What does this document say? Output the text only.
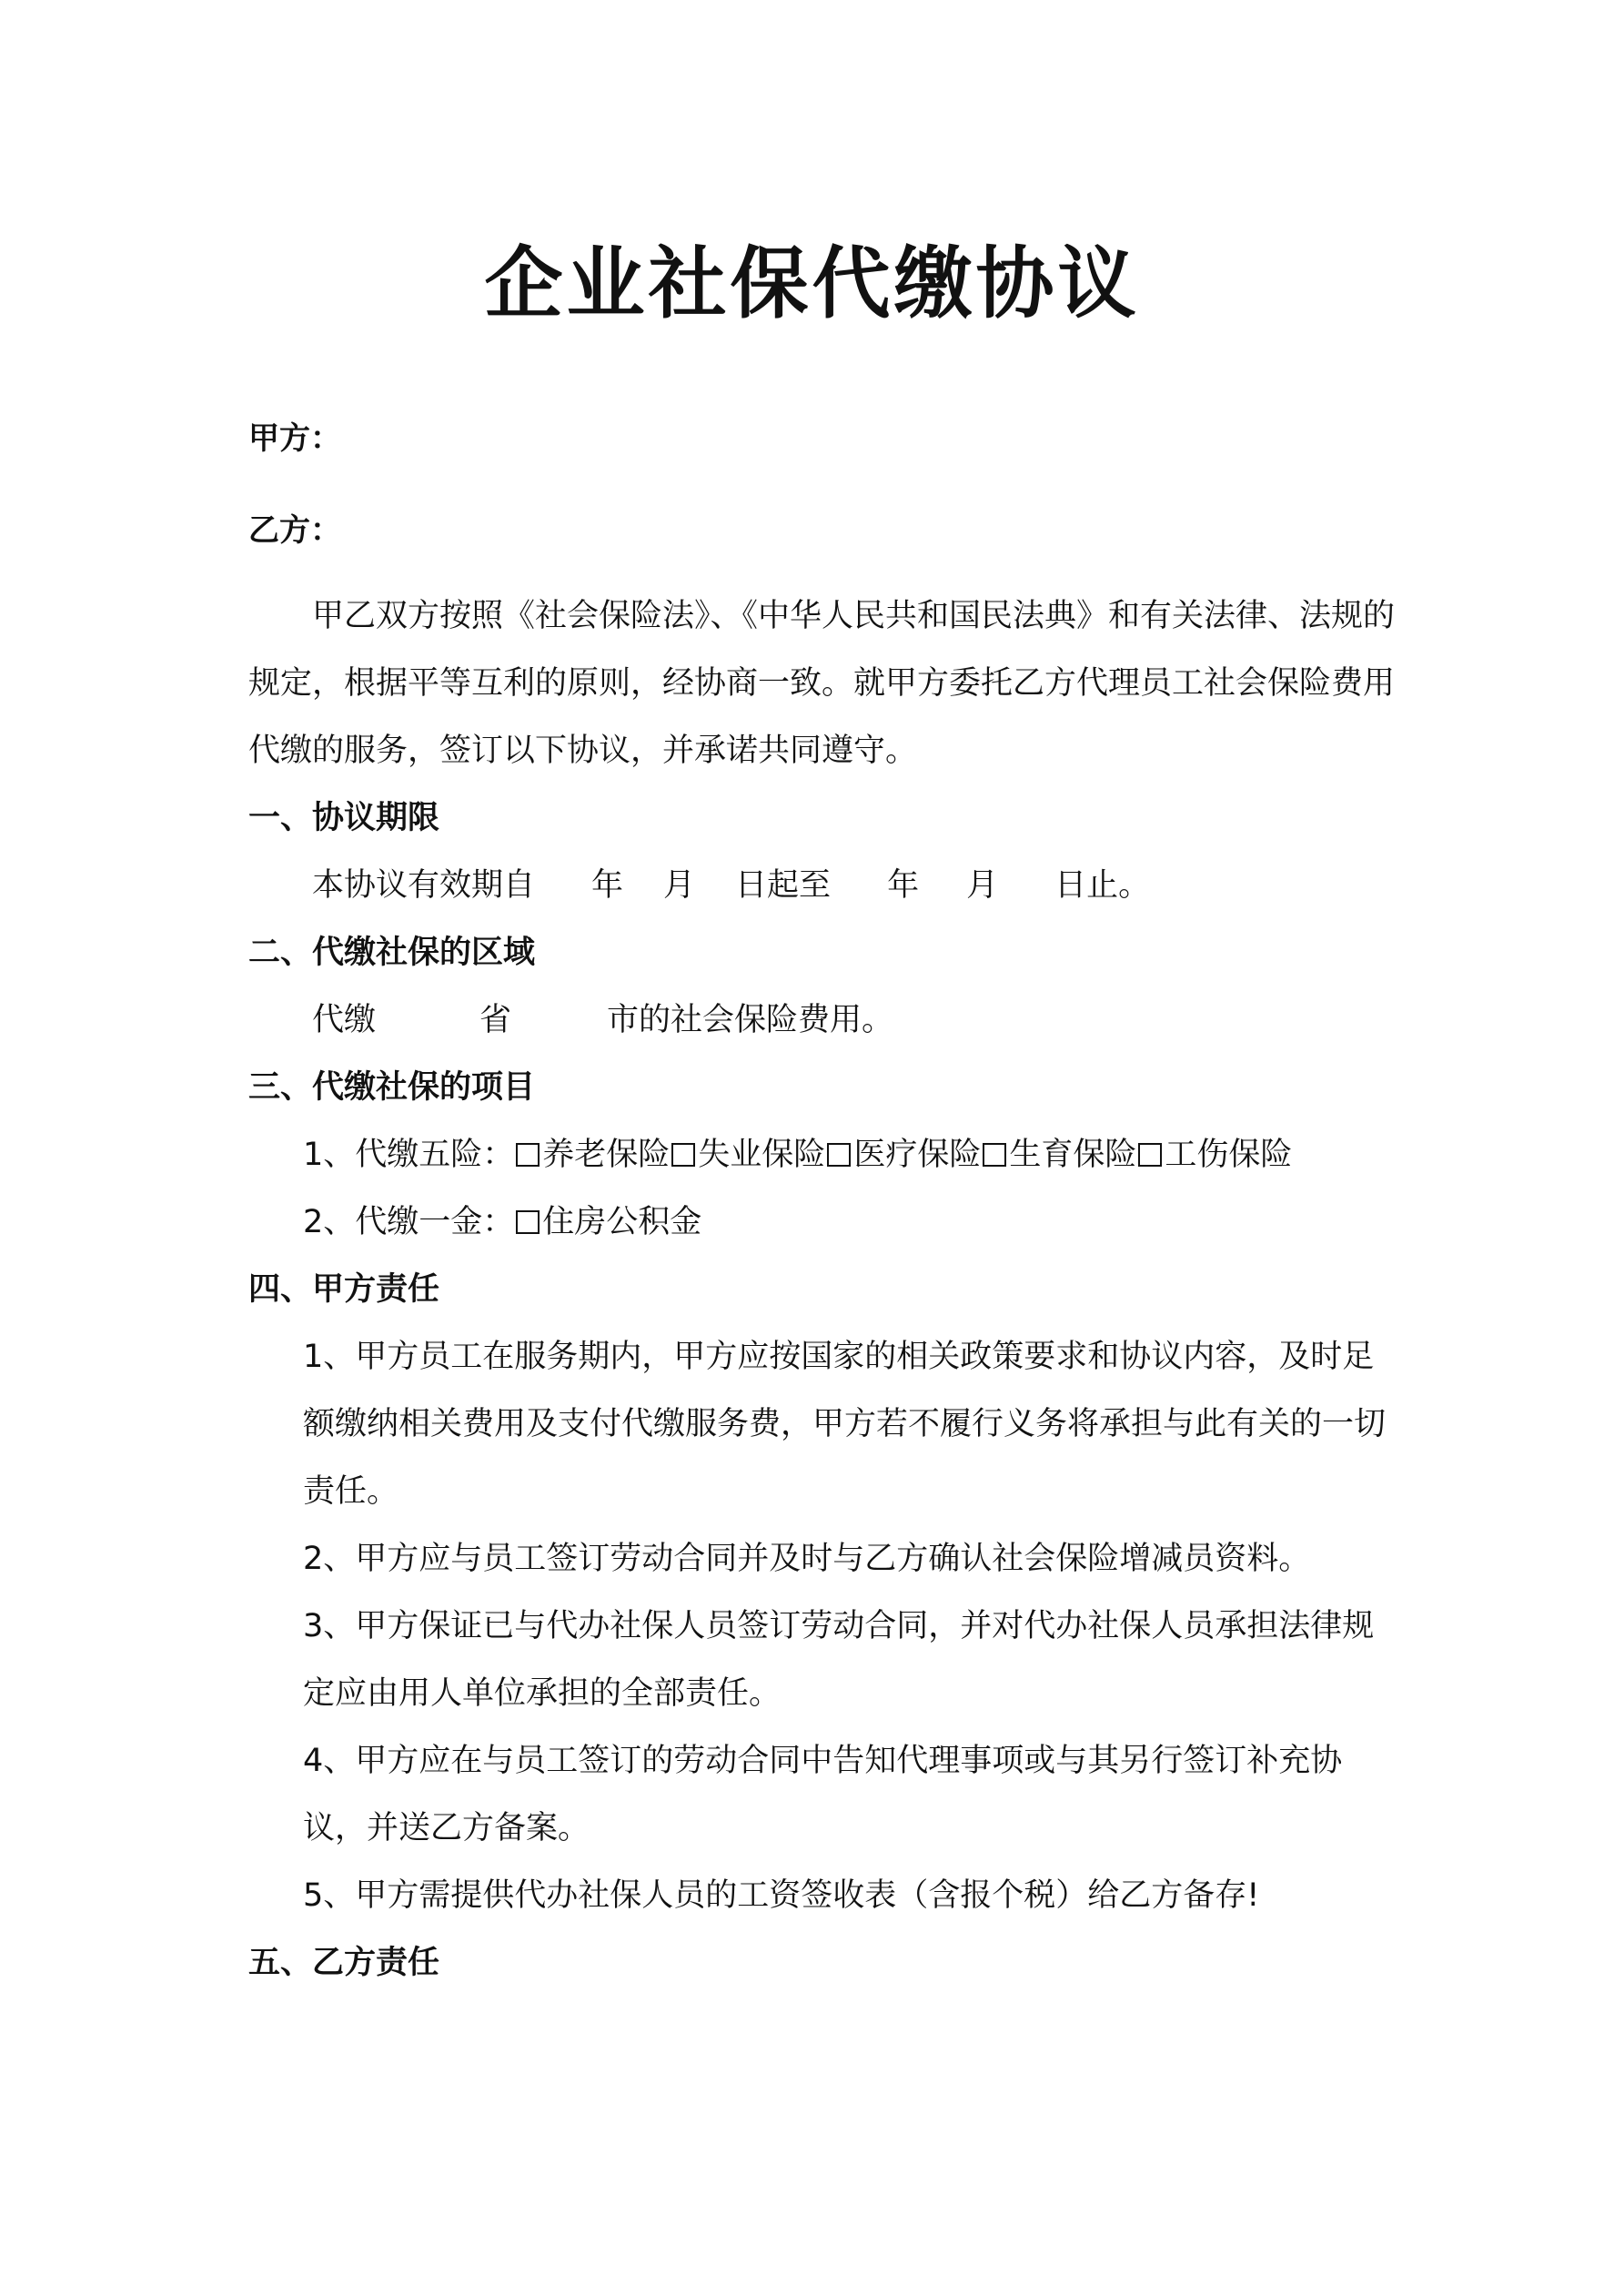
企业社保代缴协议
甲方：
乙方：

甲乙双方按照《社会保险法》、《中华人民共和国民法典》和有关法律、法规的规定，根据平等互利的原则，经协商一致。就甲方委托乙方代理员工社会保险费用代缴的服务，签订以下协议，并承诺共同遵守。

一、协议期限

本协议有效期自 年 月 日起至 年 月 日止。

二、代缴社保的区域

代缴	省	市的社会保险费用。

三、代缴社保的项目

1、代缴五险： 养老保险 失业保险 医疗保险 生育保险 工伤保险

2、代缴一金： 住房公积金

四、甲方责任

1、甲方员工在服务期内，甲方应按国家的相关政策要求和协议内容，及时足额缴纳相关费用及支付代缴服务费，甲方若不履行义务将承担与此有关的一切责任。

2、甲方应与员工签订劳动合同并及时与乙方确认社会保险增减员资料。

3、甲方保证已与代办社保人员签订劳动合同，并对代办社保人员承担法律规定应由用人单位承担的全部责任。

4、甲方应在与员工签订的劳动合同中告知代理事项或与其另行签订补充协议，并送乙方备案。

5、甲方需提供代办社保人员的工资签收表（含报个税）给乙方备存!

五、乙方责任
